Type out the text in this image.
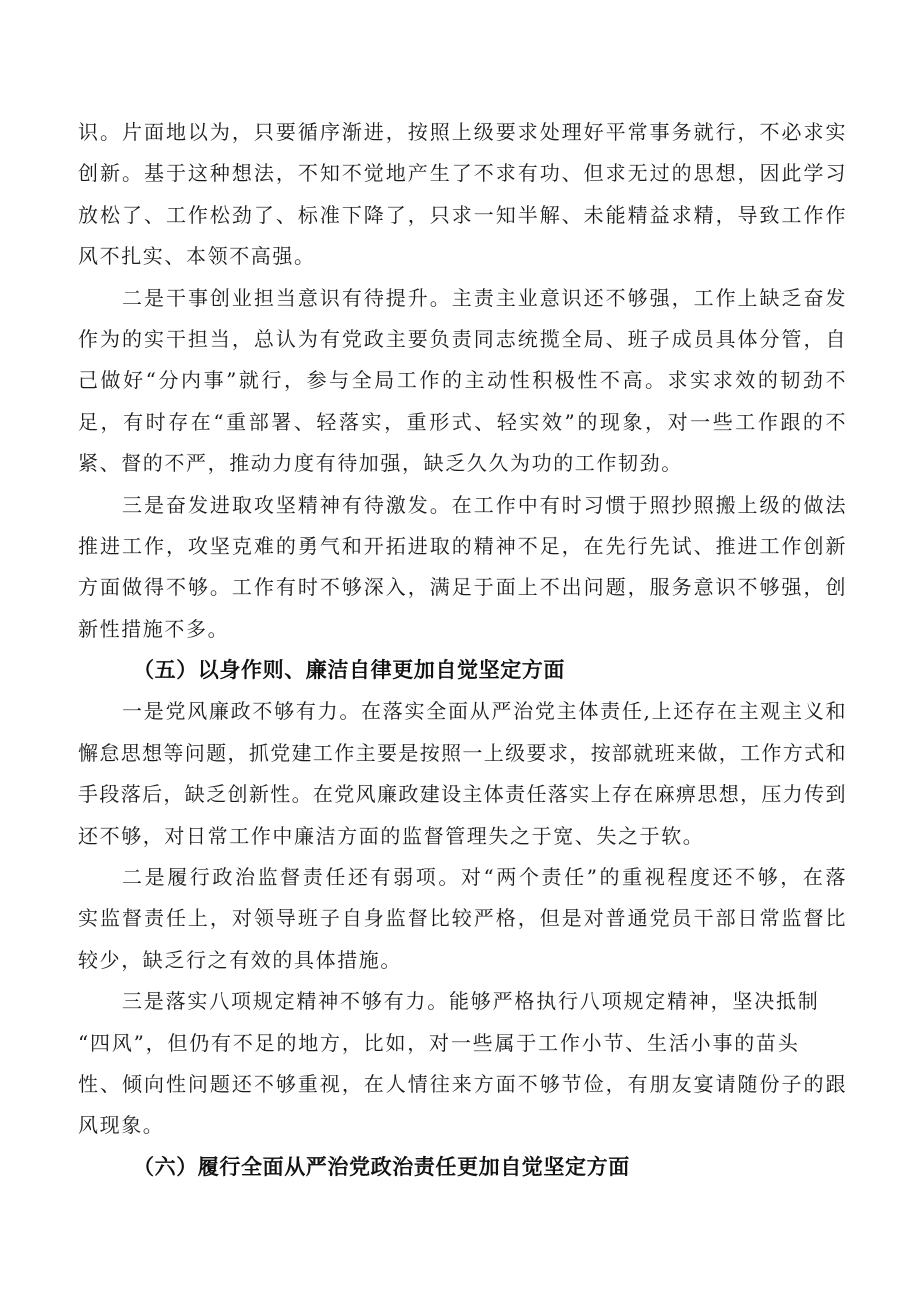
识。片面地以为，只要循序渐进，按照上级要求处理好平常事务就行，不必求实
创新。基于这种想法，不知不觉地产生了不求有功、但求无过的思想，因此学习
放松了、工作松劲了、标准下降了，只求一知半解、未能精益求精，导致工作作
风不扎实、本领不高强。
二是干事创业担当意识有待提升。主责主业意识还不够强，工作上缺乏奋发
作为的实干担当，总认为有党政主要负责同志统揽全局、班子成员具体分管，自
己做好“分内事”就行，参与全局工作的主动性积极性不高。求实求效的韧劲不
足，有时存在“重部署、轻落实，重形式、轻实效”的现象，对一些工作跟的不
紧、督的不严，推动力度有待加强，缺乏久久为功的工作韧劲。
三是奋发进取攻坚精神有待激发。在工作中有时习惯于照抄照搬上级的做法
推进工作，攻坚克难的勇气和开拓进取的精神不足，在先行先试、推进工作创新
方面做得不够。工作有时不够深入，满足于面上不出问题，服务意识不够强，创
新性措施不多。
（五）以身作则、廉洁自律更加自觉坚定方面
一是党风廉政不够有力。在落实全面从严治党主体责任,上还存在主观主义和
懈怠思想等问题，抓党建工作主要是按照一上级要求，按部就班来做，工作方式和
手段落后，缺乏创新性。在党风廉政建设主体责任落实上存在麻痹思想，压力传到
还不够，对日常工作中廉洁方面的监督管理失之于宽、失之于软。
二是履行政治监督责任还有弱项。对“两个责任”的重视程度还不够，在落
实监督责任上，对领导班子自身监督比较严格，但是对普通党员干部日常监督比
较少，缺乏行之有效的具体措施。
三是落实八项规定精神不够有力。能够严格执行八项规定精神，坚决抵制
“四风”，但仍有不足的地方，比如，对一些属于工作小节、生活小事的苗头
性、倾向性问题还不够重视，在人情往来方面不够节俭，有朋友宴请随份子的跟
风现象。
（六）履行全面从严治党政治责任更加自觉坚定方面
